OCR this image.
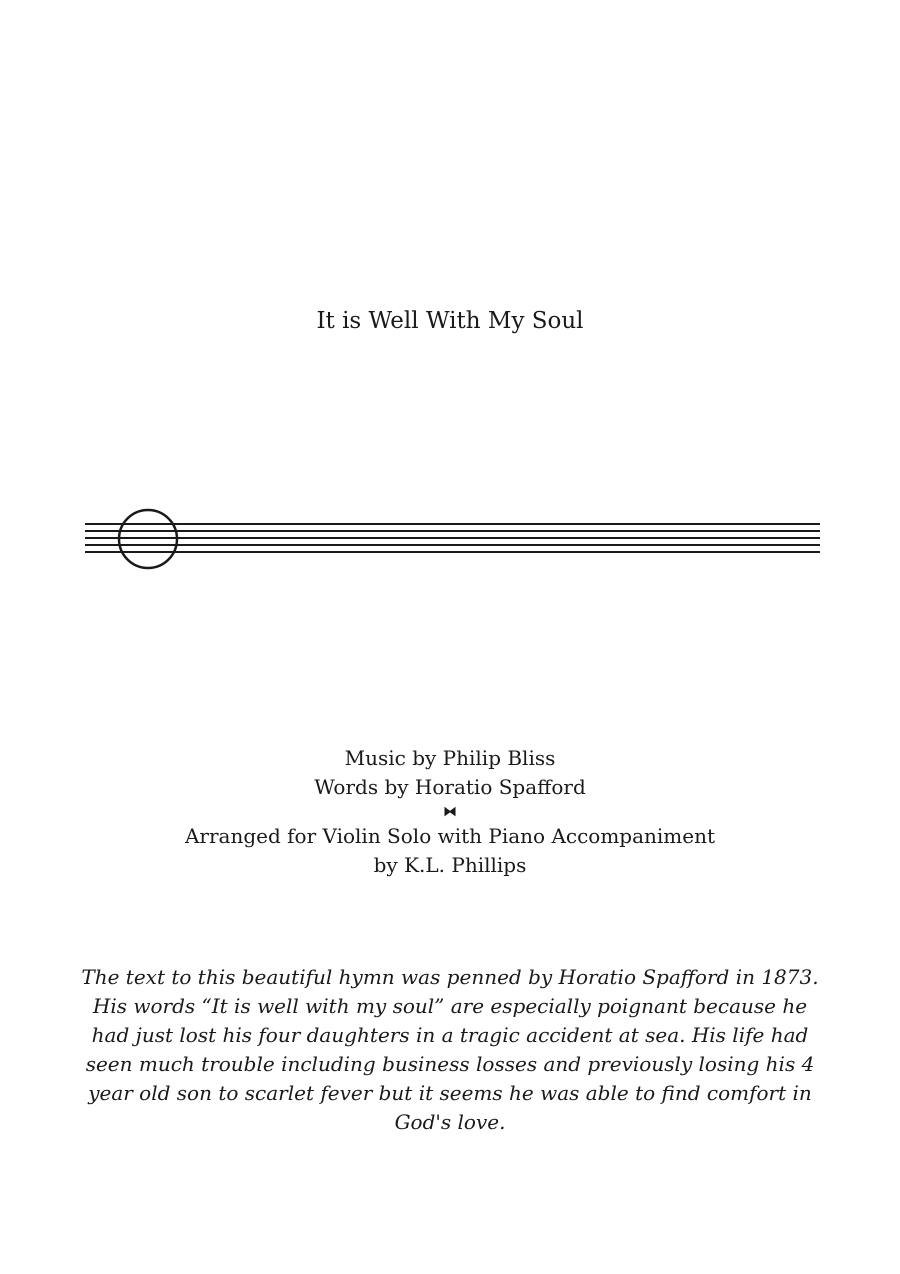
It is Well With My Soul
Music by Philip Bliss
Words by Horatio Spafford
⧓
Arranged for Violin Solo with Piano Accompaniment
by K.L. Phillips
The text to this beautiful hymn was penned by Horatio Spafford in 1873. His words “It is well with my soul” are especially poignant because he had just lost his four daughters in a tragic accident at sea. His life had seen much trouble including business losses and previously losing his 4 year old son to scarlet fever but it seems he was able to find comfort in God's love.
